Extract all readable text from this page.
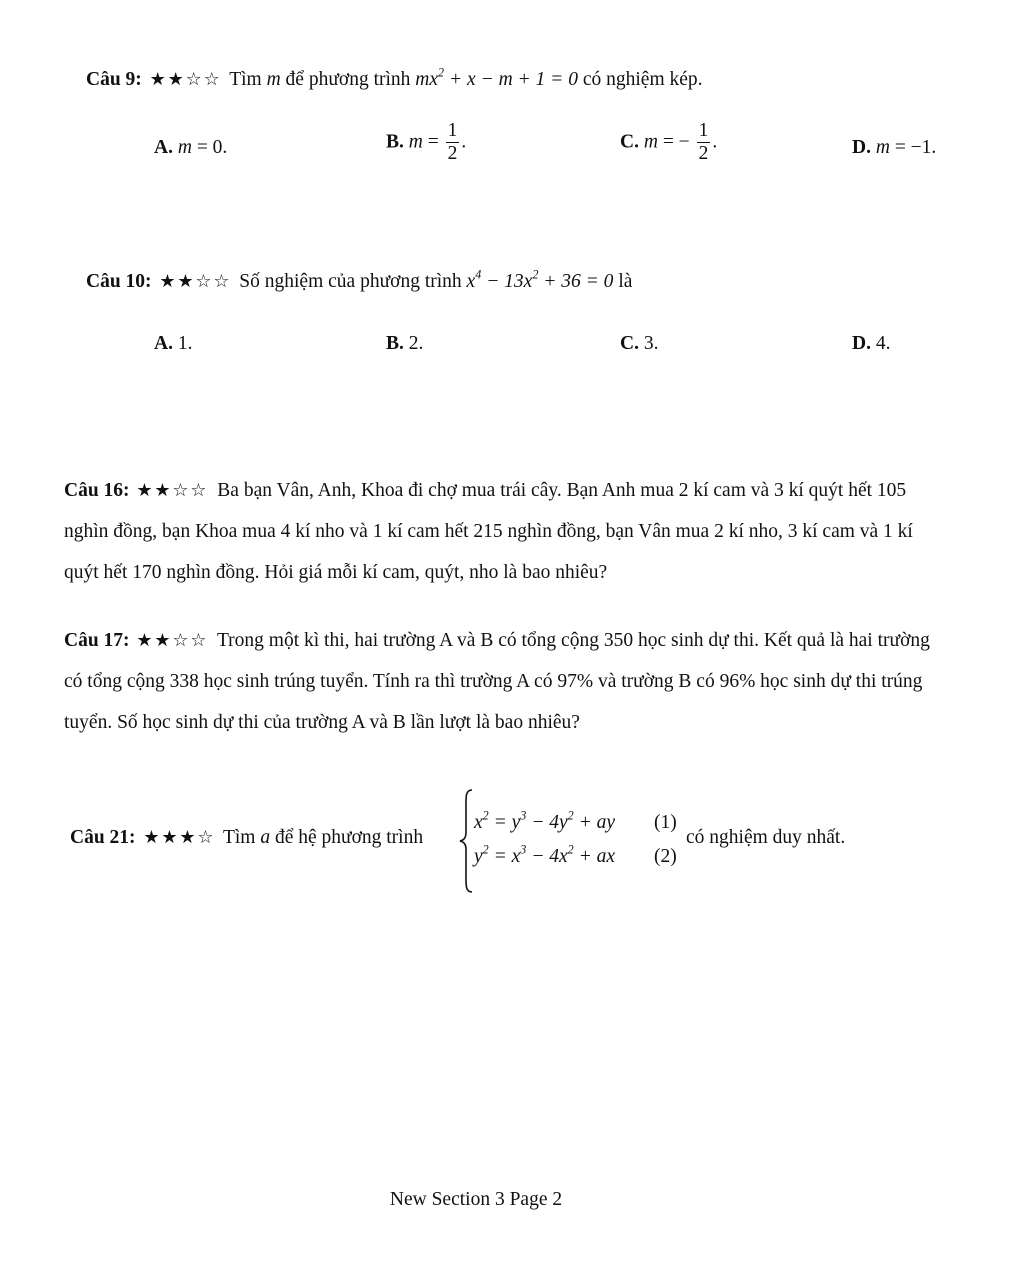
Câu 9: ★ ★ ☆ ☆ Tìm m để phương trình $mx^2 + x - m + 1 = 0$ có nghiệm kép.
A. m = 0.	B. $m = \frac{1}{2}$ .	C. m = − $\frac{1}{2}$ .	D. m = −1.
Câu 10: ★ ★ ☆ ☆ Số nghiệm của phương trình $x^4 - 13x^2 + 36 = 0$ là
A. 1.	B. 2.	C. 3.	D. 4.
Câu 16: ★ ★ ☆ ☆ Ba bạn Vân, Anh, Khoa đi chợ mua trái cây. Bạn Anh mua 2 kí cam và 3 kí quýt hết 105
nghìn đồng, bạn Khoa mua 4 kí nho và 1 kí cam hết 215 nghìn đồng, bạn Vân mua 2 kí nho, 3 kí cam và 1 kí
quýt hết 170 nghìn đồng. Hỏi giá mỗi kí cam, quýt, nho là bao nhiêu?
Câu 17: ★ ★ ☆ ☆ Trong một kì thi, hai trường A và B có tổng cộng 350 học sinh dự thi. Kết quả là hai trường
có tổng cộng 338 học sinh trúng tuyển. Tính ra thì trường A có 97% và trường B có 96% học sinh dự thi trúng
tuyển. Số học sinh dự thi của trường A và B lần lượt là bao nhiêu?
Câu 21: ★ ★ ★ ☆ Tìm a để hệ phương trình
$x^2 = y^3 - 4y^2$ + ay (1)
$y^2 = x^3 - 4x^2$ + ax (2)
có nghiệm duy nhất.
New Section 3 Page 2
